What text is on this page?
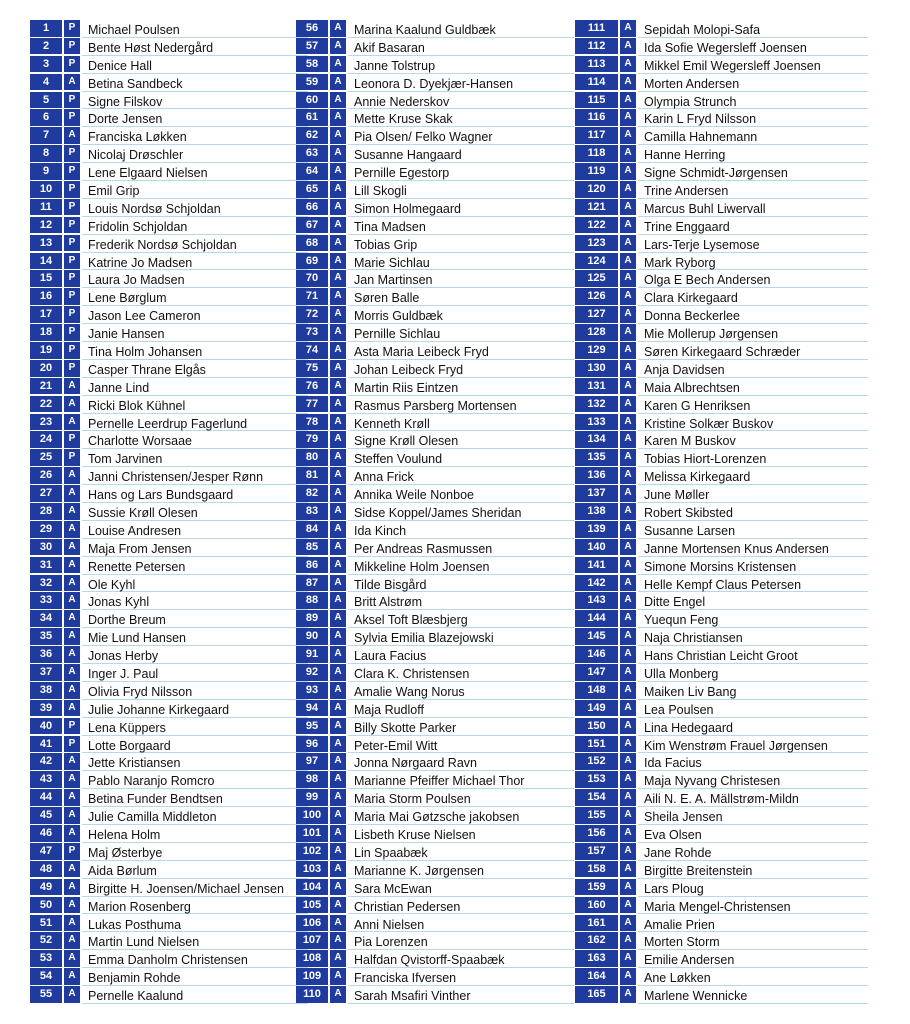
1	P	Michael Poulsen
2	P	Bente Høst Nedergård
3	P	Denice Hall
4	A Betina Sandbeck
5	P	Signe Filskov
6	P	Dorte Jensen
7	A Franciska Løkken
8	P	Nicolaj Drøschler
9	P	Lene Elgaard Nielsen
10	P	Emil Grip
11	P	Louis Nordsø Schjoldan
12	P	Fridolin Schjoldan
13	P	Frederik Nordsø Schjoldan
14	P	Katrine Jo Madsen
15	P	Laura Jo Madsen
16	P	Lene Børglum
17	P	Jason Lee Cameron
18	P	Janie Hansen
19	P	Tina Holm Johansen
20	P	Casper Thrane Elgås
21	A Janne Lind
22	A Ricki Blok Kühnel
23	A Pernelle Leerdrup Fagerlund
24	P	Charlotte Worsaae
25	P	Tom Jarvinen
26	A Janni Christensen/Jesper Rønn
27	A Hans og Lars Bundsgaard
28	A Sussie Krøll Olesen
29	A Louise Andresen
30	A Maja From Jensen
31	A Renette Petersen
32	A Ole Kyhl
33	A Jonas Kyhl
34	A Dorthe Breum
35	A Mie Lund Hansen
36	A Jonas Herby
37	A Inger J. Paul
38	A Olivia Fryd Nilsson
39	A Julie Johanne Kirkegaard
40	P	Lena Küppers
41	P	Lotte Borgaard
42	A Jette Kristiansen
43	A Pablo Naranjo Romcro
44	A Betina Funder Bendtsen
45	A Julie Camilla Middleton
46	A Helena Holm
47	P	Maj Østerbye
48	A Aida Børlum
49	A Birgitte H. Joensen/Michael Jensen
50	A Marion Rosenberg
51	A Lukas Posthuma
52	A Martin Lund Nielsen
53	A Emma Danholm Christensen
54	A Benjamin Rohde
55	A Pernelle Kaalund
56	A Marina Kaalund Guldbæk
57	A Akif Basaran
58	A Janne Tolstrup
59	A Leonora D. Dyekjær-Hansen
60	A Annie Nederskov
61	A Mette Kruse Skak
62	A Pia Olsen/ Felko Wagner
63	A Susanne Hangaard
64	A Pernille Egestorp
65	A Lill Skogli
66	A Simon Holmegaard
67	A Tina Madsen
68	A Tobias Grip
69	A Marie Sichlau
70	A Jan Martinsen
71	A Søren Balle
72	A Morris Guldbæk
73	A Pernille Sichlau
74	A Asta Maria Leibeck Fryd
75	A Johan Leibeck Fryd
76	A Martin Riis Eintzen
77	A Rasmus Parsberg Mortensen
78	A Kenneth Krøll
79	A Signe Krøll Olesen
80	A Steffen Voulund
81	A Anna Frick
82	A Annika Weile Nonboe
83	A Sidse Koppel/James Sheridan
84	A Ida Kinch
85	A Per Andreas Rasmussen
86	A Mikkeline Holm Joensen
87	A Tilde Bisgård
88	A Britt Alstrøm
89	A Aksel Toft Blæsbjerg
90	A Sylvia Emilia Blazejowski
91	A Laura Facius
92	A Clara K. Christensen
93	A Amalie Wang Norus
94	A Maja Rudloff
95	A Billy Skotte Parker
96	A Peter-Emil Witt
97	A Jonna Nørgaard Ravn
98	A Marianne Pfeiffer Michael Thor
99	A Maria Storm Poulsen
100	A Maria Mai Gøtzsche jakobsen
101	A Lisbeth Kruse Nielsen
102	A Lin Spaabæk
103	A Marianne K. Jørgensen
104	A Sara McEwan
105	A Christian Pedersen
106	A Anni Nielsen
107	A Pia Lorenzen
108	A Halfdan Qvistorff-Spaabæk
109	A Franciska Ifversen
110	A Sarah Msafiri Vinther
111	A Sepidah Molopi-Safa
112	A Ida Sofie Wegersleff Joensen
113	A Mikkel Emil Wegersleff Joensen
114	A Morten Andersen
115	A Olympia Strunch
116	A Karin L Fryd Nilsson
117	A Camilla Hahnemann
118	A Hanne Herring
119	A Signe Schmidt-Jørgensen
120	A Trine Andersen
121	A Marcus Buhl Liwervall
122	A Trine Enggaard
123	A Lars-Terje Lysemose
124	A Mark Ryborg
125	A Olga E Bech Andersen
126	A Clara Kirkegaard
127	A Donna Beckerlee
128	A Mie Mollerup Jørgensen
129	A Søren Kirkegaard Schræder
130	A Anja Davidsen
131	A Maia Albrechtsen
132	A Karen G Henriksen
133	A Kristine Solkær Buskov
134	A Karen M Buskov
135	A Tobias Hiort-Lorenzen
136	A Melissa Kirkegaard
137	A June Møller
138	A Robert Skibsted
139	A Susanne Larsen
140	A Janne Mortensen Knus Andersen
141	A Simone Morsins Kristensen
142	A Helle Kempf Claus Petersen
143	A Ditte Engel
144	A Yuequn Feng
145	A Naja Christiansen
146	A Hans Christian Leicht Groot
147	A Ulla Monberg
148	A Maiken Liv Bang
149	A Lea Poulsen
150	A Lina Hedegaard
151	A Kim Wenstrøm Frauel Jørgensen
152	A Ida Facius
153	A Maja Nyvang Christesen
154	A Aili N. E. A. Mällstrøm-Mildn
155	A Sheila Jensen
156	A Eva Olsen
157	A Jane Rohde
158	A Birgitte Breitenstein
159	A Lars Ploug
160	A Maria Mengel-Christensen
161	A Amalie Prien
162	A Morten Storm
163	A Emilie Andersen
164	A Ane Løkken
165	A Marlene Wennicke
